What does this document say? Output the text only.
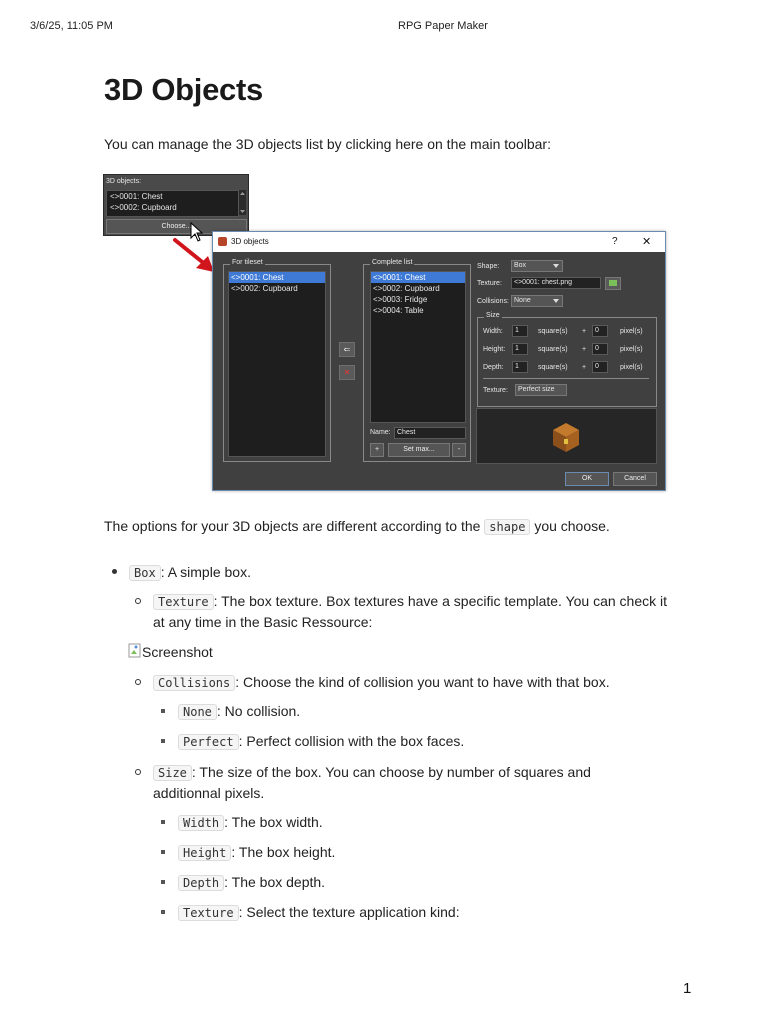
3/6/25, 11:05 PM	RPG Paper Maker
3D Objects
You can manage the 3D objects list by clicking here on the main toolbar:
3D objects:
<>0001: Chest
<>0002: Cupboard
Choose...
3D objects	? ✕
For tileset
<>0001: Chest
<>0002: Cupboard
⇐
✕
Complete list
<>0001: Chest
<>0002: Cupboard
<>0003: Fridge
<>0004: Table
Name: Chest
+	Set max...	-
Shape:	Box
Texture:	<>0001: chest.png
Collisions: None
Size
Width:	1	square(s) +	0	pixel(s)
Height:	1	square(s) +	0	pixel(s)
Depth:	1	square(s) +	0	pixel(s)
Texture:	Perfect size
OK	Cancel
The options for your 3D objects are different according to the shape you choose.
Box : A simple box.
Texture : The box texture. Box textures have a specific template. You can check it
at any time in the Basic Ressource:
Screenshot
Collisions : Choose the kind of collision you want to have with that box.
None : No collision.
Perfect : Perfect collision with the box faces.
Size : The size of the box. You can choose by number of squares and
additionnal pixels.
Width : The box width.
Height : The box height.
Depth : The box depth.
Texture : Select the texture application kind:
1
